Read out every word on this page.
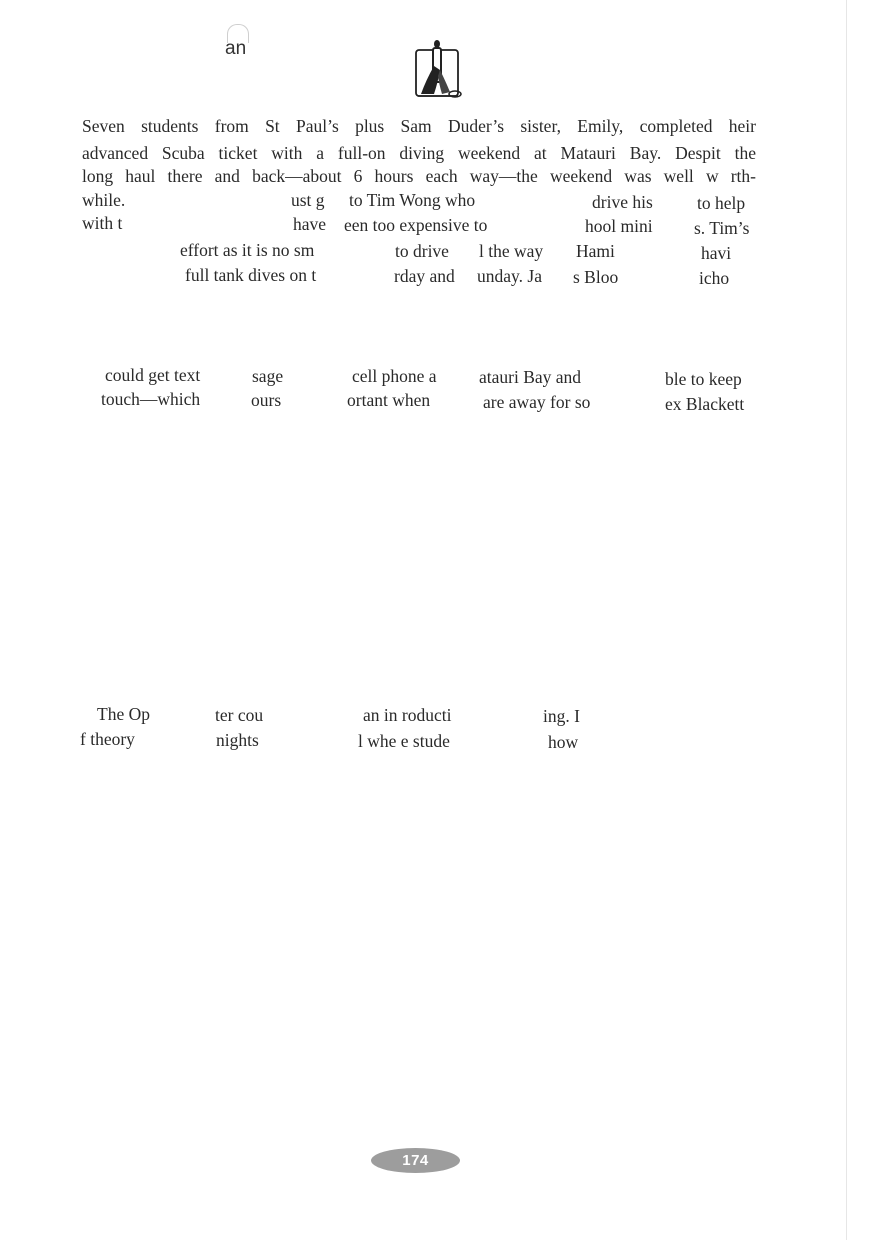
an
Seven students from St Paul’s plus Sam Duder’s sister, Emily, completed heir
advanced Scuba ticket with a full-on diving weekend at Matauri Bay. Despit the
long haul there and back—about 6 hours each way—the weekend was well w rth-
while.	ust g to Tim Wong who	drive his	to help
with t	have een too expensive to	hool mini s. Tim’s
effort as it is no sm	to drive l the way Hami	havi
full tank dives on t	rday and unday. Ja s Bloo	icho
could get text	sage	cell phone a atauri Bay and	ble to keep
touch—which	ours	ortant when	are away for so	ex Blackett
The Op	ter cou	an in roducti	ing. I
f theory	nights	l whe e stude	how
174
